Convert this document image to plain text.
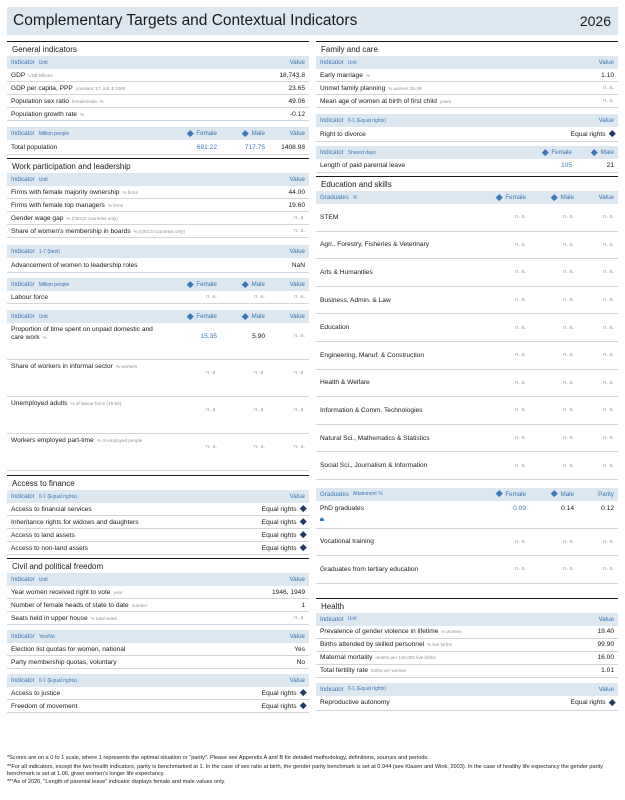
Complementary Targets and Contextual Indicators	2026
General indicators
Indicator Unit	Value
GDP US$ billions	18,743.8
GDP per capita, PPP constant '17, intl. $ 1000	23.65
Population sex ratio female/male, %	49.06
Population growth rate %	-0.12
Indicator Million people	Female	Male	Value
Total population	691.22	717.75	1408.98
Work participation and leadership
Indicator Unit	Value
Firms with female majority ownership % firms	44.00
Firms with female top managers % firms	19.60
Gender wage gap % (OECD countries only)	n. a.
Share of women's membership in boards % (OECD countries only)	n. a.
Indicator 1-7 (best)	Value
Advancement of women to leadership roles	NaN
Indicator Million people	Female	Male	Value
Labour force	n. a.	n. a.	n. a.
Indicator Unit	Female	Male	Value
Proportion of time spent on unpaid domestic and care work %	15.35	5.90	n. a.
Share of workers in informal sector % workers
n. a.	n. a.	n. a.
Unemployed adults % of labour force (15-64)
n. a.	n. a.	n. a.
Workers employed part-time % of employed people
n. a.	n. a.	n. a.
Access to finance
Indicator 0-1 (Equal rights)	Value
Access to financial services	Equal rights
Inheritance rights for widows and daughters	Equal rights
Access to land assets	Equal rights
Access to non-land assets	Equal rights
Civil and political freedom
Indicator Unit	Value
Year women received right to vote year	1946, 1949
Number of female heads of state to date number	1
Seats held in upper house % total seats	n. a.
Indicator Yes/No	Value
Election list quotas for women, national	Yes
Party membership quotas, voluntary	No
Indicator 0-1 (Equal rights)	Value
Access to justice	Equal rights
Freedom of movement	Equal rights
Family and care
Indicator Unit	Value
Early marriage %	1.10
Unmet family planning % women 15-49	n. a.
Mean age of women at birth of first child years	n. a.
Indicator 0-1 (Equal rights)	Value
Right to divorce	Equal rights
Indicator Shared days	Female	Male
Length of paid parental leave	105	21
Education and skills
Graduates %	Female	Male	Value
STEM	n. a.	n. a.	n. a.
Agri., Forestry, Fisheries & Veterinary	n. a.	n. a.	n. a.
Arts & Humanities	n. a.	n. a.	n. a.
Business, Admin. & Law	n. a.	n. a.	n. a.
Education	n. a.	n. a.	n. a.
Engineering, Manuf. & Construction	n. a.	n. a.	n. a.
Health & Welfare	n. a.	n. a.	n. a.
Information & Comm. Technologies	n. a.	n. a.	n. a.
Natural Sci., Mathematics & Statistics	n. a.	n. a.	n. a.
Social Sci., Journalism & Information	n. a.	n. a.	n. a.
Graduates Attainment %	Female	Male	Parity
PhD graduates	0.09	0.14	0.12
Vocational training	n. a.	n. a.	n. a.
Graduates from tertiary education	n. a.	n. a.	n. a.
Health
Indicator Unit	Value
Prevalence of gender violence in lifetime % women	19.40
Births attended by skilled personnel % live births	99.90
Maternal mortality deaths per 100,000 live births	16.00
Total fertility rate births per woman	1.01
Indicator 0-1 (Equal rights)	Value
Reproductive autonomy	Equal rights
*Scores are on a 0 to 1 scale, where 1 represents the optimal situation or "parity". Please see Appendix A and B for detailed methodology, definitions, sources and periods.
**For all indicators, except the two health indicators, parity is benchmarked at 1. In the case of sex ratio at birth, the gender parity benchmark is set at 0.944 (see Klasen and Wink, 2003). In the case of healthy life expectancy the gender parity benchmark is set at 1.06, given women's longer life expectancy.
***As of 2026, "Length of parental leave" indicator displays female and male values only.
